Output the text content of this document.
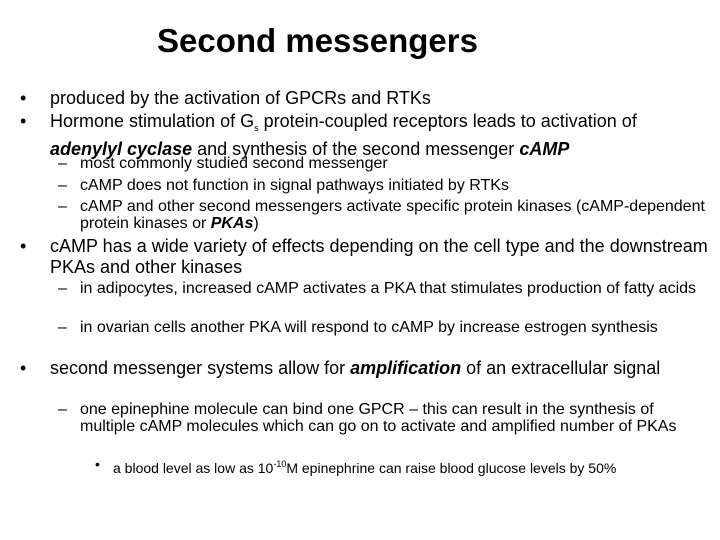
Second messengers
• produced by the activation of GPCRs and RTKs
• Hormone stimulation of $G_s$ protein-coupled receptors leads to activation of adenylyl cyclase and synthesis of the second messenger cAMP
– most commonly studied second messenger
– cAMP does not function in signal pathways initiated by RTKs
– cAMP and other second messengers activate specific protein kinases (cAMP-dependent protein kinases or PKAs)
• cAMP has a wide variety of effects depending on the cell type and the downstream PKAs and other kinases
– in adipocytes, increased cAMP activates a PKA that stimulates production of fatty acids
– in ovarian cells another PKA will respond to cAMP by increase estrogen synthesis
• second messenger systems allow for amplification of an extracellular signal
– one epinephine molecule can bind one GPCR – this can result in the synthesis of multiple cAMP molecules which can go on to activate and amplified number of PKAs
• a blood level as low as $10^{-10}M$ epinephrine can raise blood glucose levels by 50%
